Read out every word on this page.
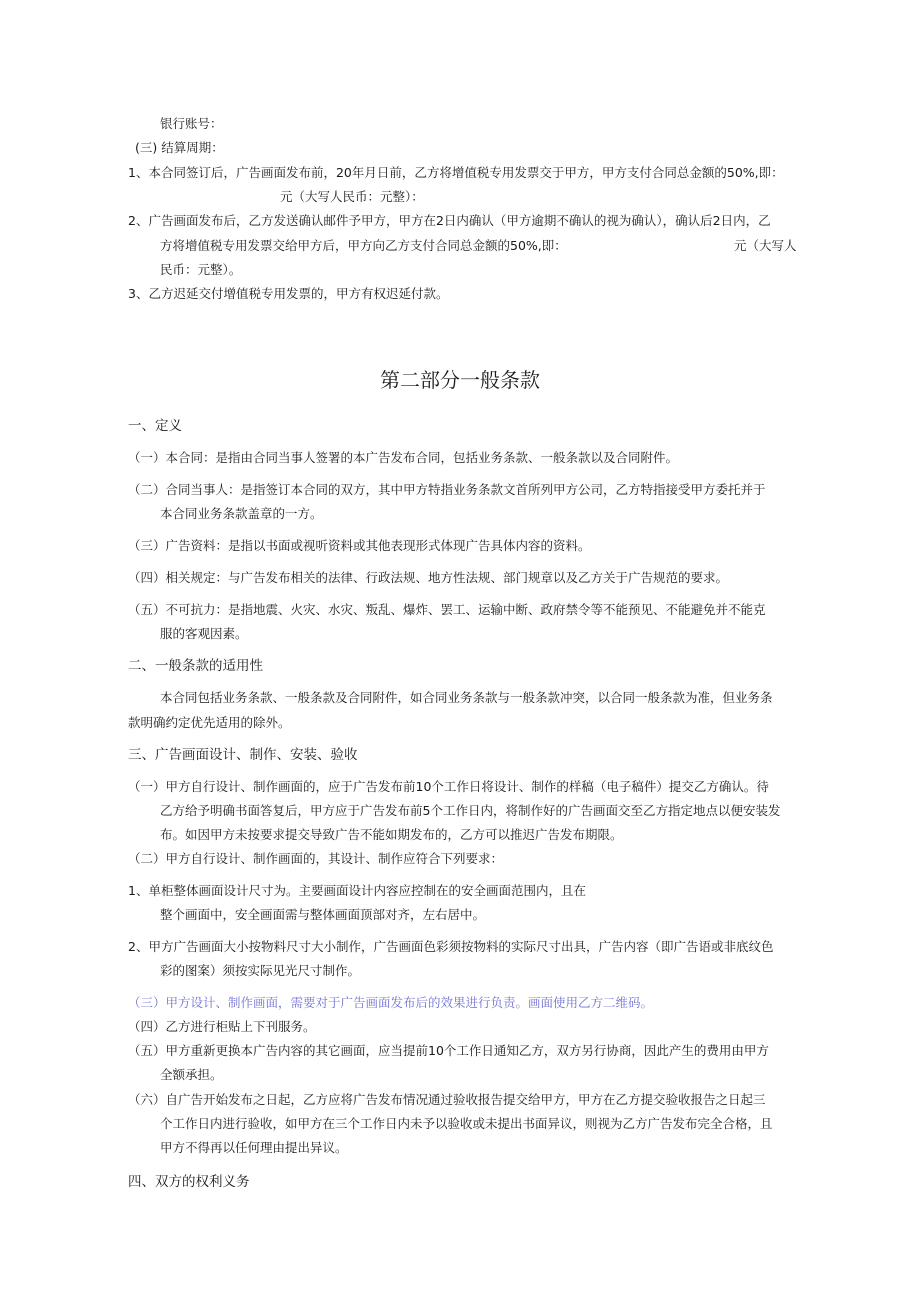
银行账号：
(三) 结算周期：
1、本合同签订后，广告画面发布前，20年月日前，乙方将增值税专用发票交于甲方，甲方支付合同总金额的50%,即：
元（大写人民币：元整）：
2、广告画面发布后，乙方发送确认邮件予甲方，甲方在2日内确认（甲方逾期不确认的视为确认），确认后2日内，乙
方将增值税专用发票交给甲方后，甲方向乙方支付合同总金额的50%,即：	元（大写人
民币：元整）。
3、乙方迟延交付增值税专用发票的，甲方有权迟延付款。
第二部分一般条款
一、定义
（一）本合同：是指由合同当事人签署的本广告发布合同，包括业务条款、一般条款以及合同附件。
（二）合同当事人：是指签订本合同的双方，其中甲方特指业务条款文首所列甲方公司，乙方特指接受甲方委托并于
本合同业务条款盖章的一方。
（三）广告资料：是指以书面或视听资料或其他表现形式体现广告具体内容的资料。
（四）相关规定：与广告发布相关的法律、行政法规、地方性法规、部门规章以及乙方关于广告规范的要求。
（五）不可抗力：是指地震、火灾、水灾、叛乱、爆炸、罢工、运输中断、政府禁令等不能预见、不能避免并不能克
服的客观因素。
二、一般条款的适用性
本合同包括业务条款、一般条款及合同附件，如合同业务条款与一般条款冲突，以合同一般条款为准，但业务条
款明确约定优先适用的除外。
三、广告画面设计、制作、安装、验收
（一）甲方自行设计、制作画面的，应于广告发布前10个工作日将设计、制作的样稿（电子稿件）提交乙方确认。待
乙方给予明确书面答复后，甲方应于广告发布前5个工作日内，将制作好的广告画面交至乙方指定地点以便安装发
布。如因甲方未按要求提交导致广告不能如期发布的，乙方可以推迟广告发布期限。
（二）甲方自行设计、制作画面的，其设计、制作应符合下列要求：
1、单柜整体画面设计尺寸为。主要画面设计内容应控制在的安全画面范围内，且在
整个画面中，安全画面需与整体画面顶部对齐，左右居中。
2、甲方广告画面大小按物料尺寸大小制作，广告画面色彩须按物料的实际尺寸出具，广告内容（即广告语或非底纹色
彩的图案）须按实际见光尺寸制作。
（三）甲方设计、制作画面，需要对于广告画面发布后的效果进行负责。画面使用乙方二维码。
（四）乙方进行柜贴上下刊服务。
（五）甲方重新更换本广告内容的其它画面，应当提前10个工作日通知乙方，双方另行协商，因此产生的费用由甲方
全额承担。
（六）自广告开始发布之日起，乙方应将广告发布情况通过验收报告提交给甲方，甲方在乙方提交验收报告之日起三
个工作日内进行验收，如甲方在三个工作日内未予以验收或未提出书面异议，则视为乙方广告发布完全合格，且
甲方不得再以任何理由提出异议。
四、双方的权利义务
